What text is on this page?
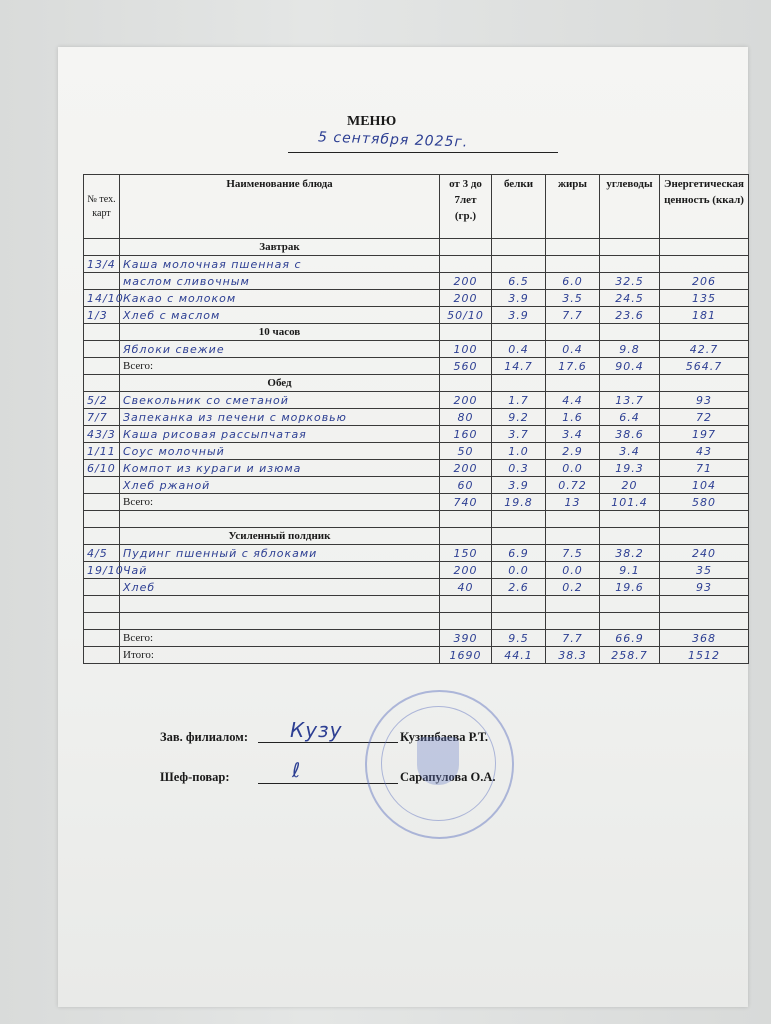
МЕНЮ
5 сентября 2025г.
№ тех. карт	Наименование блюда	от 3 до 7лет (гр.)	белки	жиры	углеводы	Энергетическая ценность (ккал)
	Завтрак					
13/4	Каша молочная пшенная с					
	маслом сливочным	200	6.5	6.0	32.5	206
14/10	Какао с молоком	200	3.9	3.5	24.5	135
1/3	Хлеб с маслом	50/10	3.9	7.7	23.6	181
	10 часов					
	Яблоки свежие	100	0.4	0.4	9.8	42.7
	Всего:	560	14.7	17.6	90.4	564.7
	Обед					
5/2	Свекольник со сметаной	200	1.7	4.4	13.7	93
7/7	Запеканка из печени с морковью	80	9.2	1.6	6.4	72
43/3	Каша рисовая рассыпчатая	160	3.7	3.4	38.6	197
1/11	Соус молочный	50	1.0	2.9	3.4	43
6/10	Компот из кураги и изюма	200	0.3	0.0	19.3	71
	Хлеб ржаной	60	3.9	0.72	20	104
	Всего:	740	19.8	13	101.4	580

	Усиленный полдник					
4/5	Пудинг пшенный с яблоками	150	6.9	7.5	38.2	240
19/10	Чай	200	0.0	0.0	9.1	35
	Хлеб	40	2.6	0.2	19.6	93

	Всего:	390	9.5	7.7	66.9	368
	Итого:	1690	44.1	38.3	258.7	1512
Зав. филиалом: Кузу	Кузинбаева Р.Т.
Шеф-повар:	ℓ	Сарапулова О.А.
